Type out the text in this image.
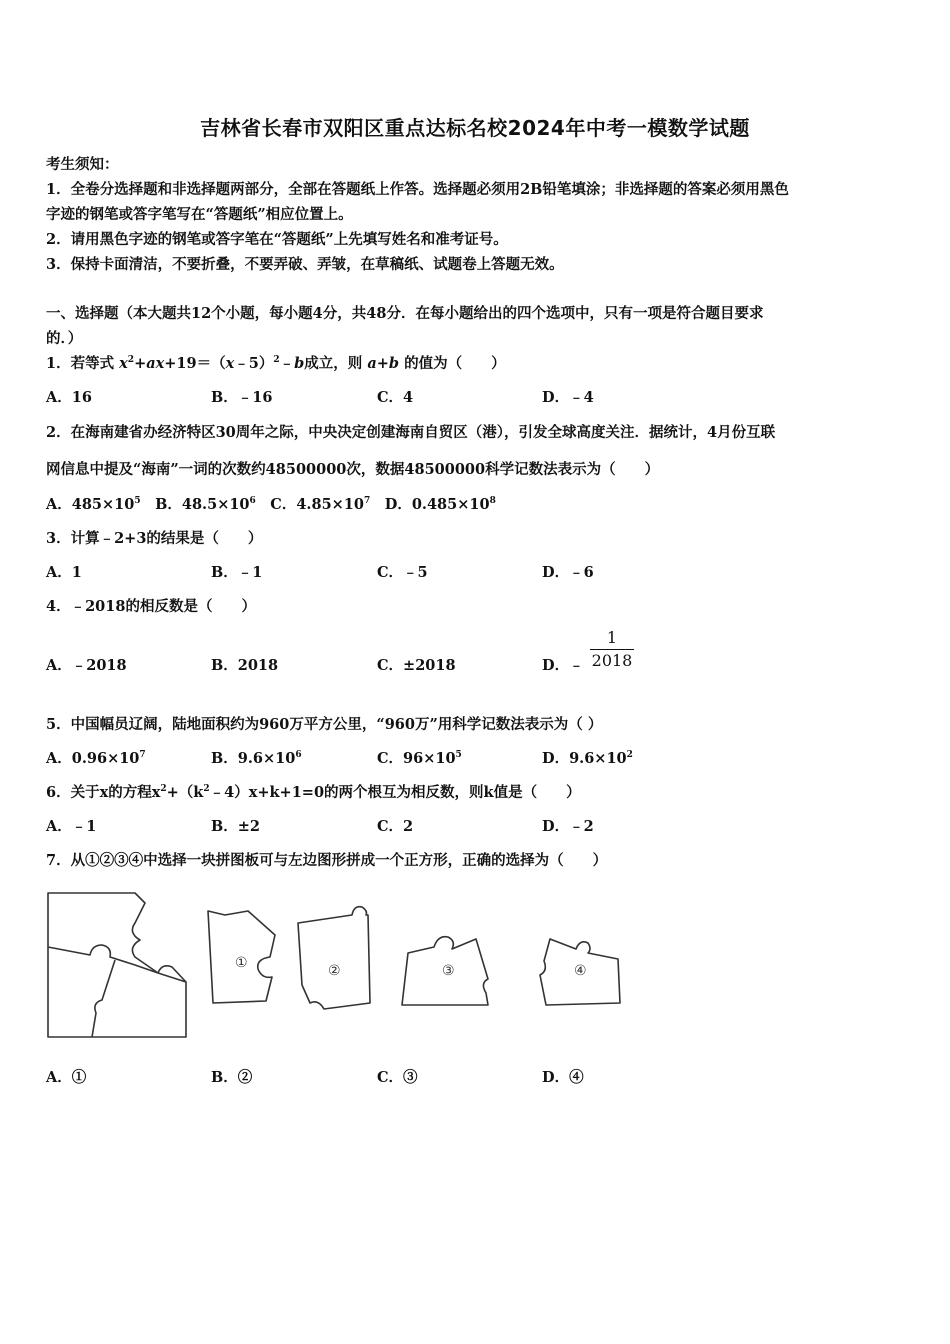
吉林省长春市双阳区重点达标名校2024年中考一模数学试题
考生须知：
1．全卷分选择题和非选择题两部分，全部在答题纸上作答。选择题必须用2B铅笔填涂；非选择题的答案必须用黑色
字迹的钢笔或答字笔写在“答题纸”相应位置上。
2．请用黑色字迹的钢笔或答字笔在“答题纸”上先填写姓名和准考证号。
3．保持卡面清洁，不要折叠，不要弄破、弄皱，在草稿纸、试题卷上答题无效。
一、选择题（本大题共12个小题，每小题4分，共48分．在每小题给出的四个选项中，只有一项是符合题目要求
的．）
1．若等式 $x^2+ax+19=(x﹣5)^2﹣b$成立，则 a+b 的值为（　　）
A．16	B．﹣16	C．4	D．﹣4
2．在海南建省办经济特区30周年之际，中央决定创建海南自贸区（港），引发全球高度关注．据统计，4月份互联
网信息中提及“海南”一词的次数约48500000次，数据48500000科学记数法表示为（　　）
A．$485\times 10^5$  B．$48.5\times 10^6$  C．$4.85\times 10^7$  D．$0.485\times 10^8$
3．计算﹣2+3的结果是（　　）
A．1	B．﹣1	C．﹣5	D．﹣6
4．﹣2018的相反数是（　　）
A．﹣2018	B．2018	C．±2018	D．﹣
1
2018
5．中国幅员辽阔，陆地面积约为960万平方公里，“960万”用科学记数法表示为（ ）
A．$0.96\times 10^7$	B．$9.6\times 10^6$	C．$96\times 10^5$	D．$9.6\times 10^2$
6．关于x的方程$x^2+(k^2﹣4)x+k+1=0$的两个根互为相反数，则k值是（　　）
A．﹣1	B．±2	C．2	D．﹣2
7．从①②③④中选择一块拼图板可与左边图形拼成一个正方形，正确的选择为（　　）
①	②	③	④
A．①	B．②	C．③	D．④
